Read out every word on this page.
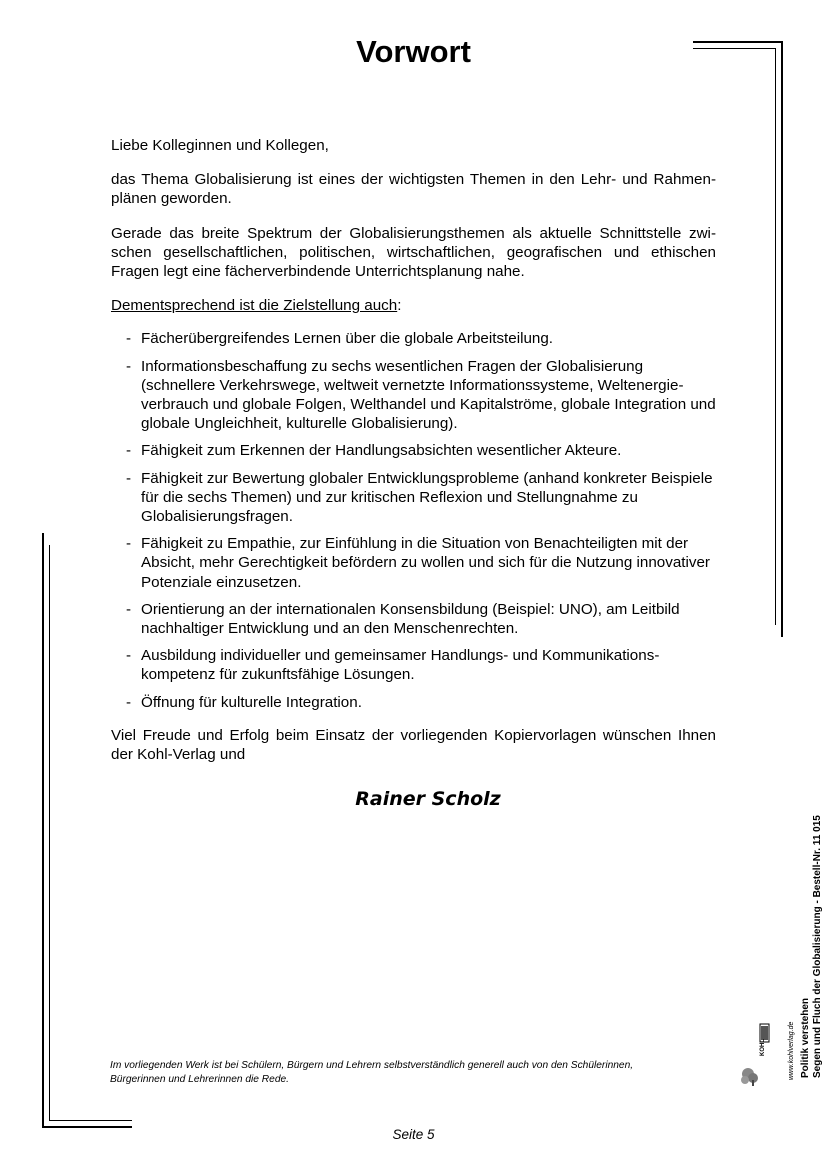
Vorwort

Liebe Kolleginnen und Kollegen,

das Thema Globalisierung ist eines der wichtigsten Themen in den Lehr- und Rahmenplänen geworden.

Gerade das breite Spektrum der Globalisierungsthemen als aktuelle Schnittstelle zwischen gesellschaftlichen, politischen, wirtschaftlichen, geografischen und ethischen Fragen legt eine fächerverbindende Unterrichtsplanung nahe.

Dementsprechend ist die Zielstellung auch:

- Fächerübergreifendes Lernen über die globale Arbeitsteilung.
- Informationsbeschaffung zu sechs wesentlichen Fragen der Globalisierung (schnellere Verkehrswege, weltweit vernetzte Informationssysteme, Weltenergieverbrauch und globale Folgen, Welthandel und Kapitalströme, globale Integration und globale Ungleichheit, kulturelle Globalisierung).
- Fähigkeit zum Erkennen der Handlungsabsichten wesentlicher Akteure.
- Fähigkeit zur Bewertung globaler Entwicklungsprobleme (anhand konkreter Beispiele für die sechs Themen) und zur kritischen Reflexion und Stellungnahme zu Globalisierungsfragen.
- Fähigkeit zu Empathie, zur Einfühlung in die Situation von Benachteiligten mit der Absicht, mehr Gerechtigkeit befördern zu wollen und sich für die Nutzung innovativer Potenziale einzusetzen.
- Orientierung an der internationalen Konsensbildung (Beispiel: UNO), am Leitbild nachhaltiger Entwicklung und an den Menschenrechten.
- Ausbildung individueller und gemeinsamer Handlungs- und Kommunikationskompetenz für zukunftsfähige Lösungen.
- Öffnung für kulturelle Integration.

Viel Freude und Erfolg beim Einsatz der vorliegenden Kopiervorlagen wünschen Ihnen der Kohl-Verlag und

Rainer Scholz
Im vorliegenden Werk ist bei Schülern, Bürgern und Lehrern selbstverständlich generell auch von den Schülerinnen, Bürgerinnen und Lehrerinnen die Rede.
Seite 5
Politik verstehen Segen und Fluch der Globalisierung - Bestell-Nr. 11 015
www.kohlverlag.de
KOHL
